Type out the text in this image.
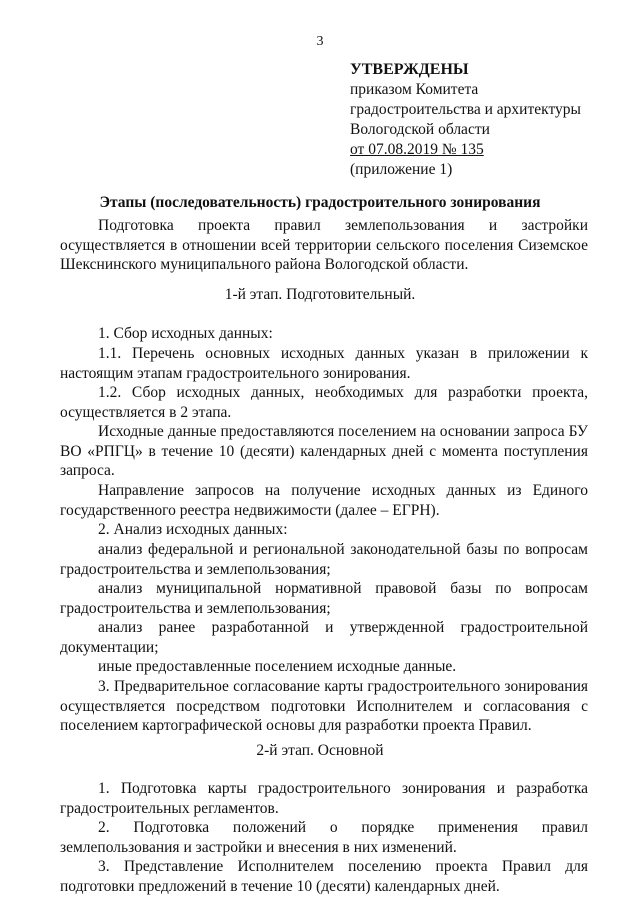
3
УТВЕРЖДЕНЫ
приказом Комитета
градостроительства и архитектуры
Вологодской области
от 07.08.2019 № 135
(приложение 1)
Этапы (последовательность) градостроительного зонирования
Подготовка проекта правил землепользования и застройки осуществляется в отношении всей территории сельского поселения Сиземское Шекснинского муниципального района Вологодской области.
1-й этап. Подготовительный.
1. Сбор исходных данных:
1.1. Перечень основных исходных данных указан в приложении к настоящим этапам градостроительного зонирования.
1.2. Сбор исходных данных, необходимых для разработки проекта, осуществляется в 2 этапа.
Исходные данные предоставляются поселением на основании запроса БУ ВО «РПГЦ» в течение 10 (десяти) календарных дней с момента поступления запроса.
Направление запросов на получение исходных данных из Единого государственного реестра недвижимости (далее – ЕГРН).
2. Анализ исходных данных:
анализ федеральной и региональной законодательной базы по вопросам градостроительства и землепользования;
анализ муниципальной нормативной правовой базы по вопросам градостроительства и землепользования;
анализ ранее разработанной и утвержденной градостроительной документации;
иные предоставленные поселением исходные данные.
3. Предварительное согласование карты градостроительного зонирования осуществляется посредством подготовки Исполнителем и согласования с поселением картографической основы для разработки проекта Правил.
2-й этап. Основной
1. Подготовка карты градостроительного зонирования и разработка градостроительных регламентов.
2. Подготовка положений о порядке применения правил землепользования и застройки и внесения в них изменений.
3. Представление Исполнителем поселению проекта Правил для подготовки предложений в течение 10 (десяти) календарных дней.
